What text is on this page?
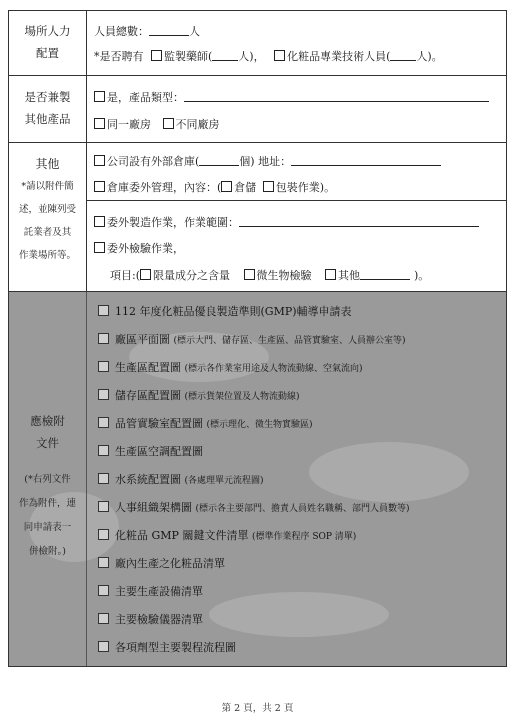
場所人力
配置
人員總數：	人
*是否聘有 監製藥師( 人)， 化粧品專業技術人員( 人)。
是否兼製
其他產品
是，產品類型：
同一廠房 不同廠房
其他
*請以附件簡
述，並陳列受
託業者及其
作業場所等。
公司設有外部倉庫(	個) 地址：
倉庫委外管理，內容：( 倉儲 包裝作業)。
委外製造作業，作業範圍：
委外檢驗作業，
項目:( 限量成分之含量 微生物檢驗 其他	)。
應檢附
文件
(*右列文件
作為附件，連
同申請表一
併檢附。)
112 年度化粧品優良製造準則(GMP)輔導申請表
廠區平面圖 (標示大門、儲存區、生產區、品管實驗室、人員辦公室等)
生產區配置圖 (標示各作業室用途及人物流動線、空氣流向)
儲存區配置圖 (標示貨架位置及人物流動線)
品管實驗室配置圖 (標示理化、微生物實驗區)
生產區空調配置圖
水系統配置圖 (各處理單元流程圖)
人事組織架構圖 (標示各主要部門、擔責人員姓名職稱、部門人員數等)
化粧品 GMP 關鍵文件清單 (標準作業程序 SOP 清單)
廠內生產之化粧品清單
主要生產設備清單
主要檢驗儀器清單
各項劑型主要製程流程圖
第 2 頁，共 2 頁
